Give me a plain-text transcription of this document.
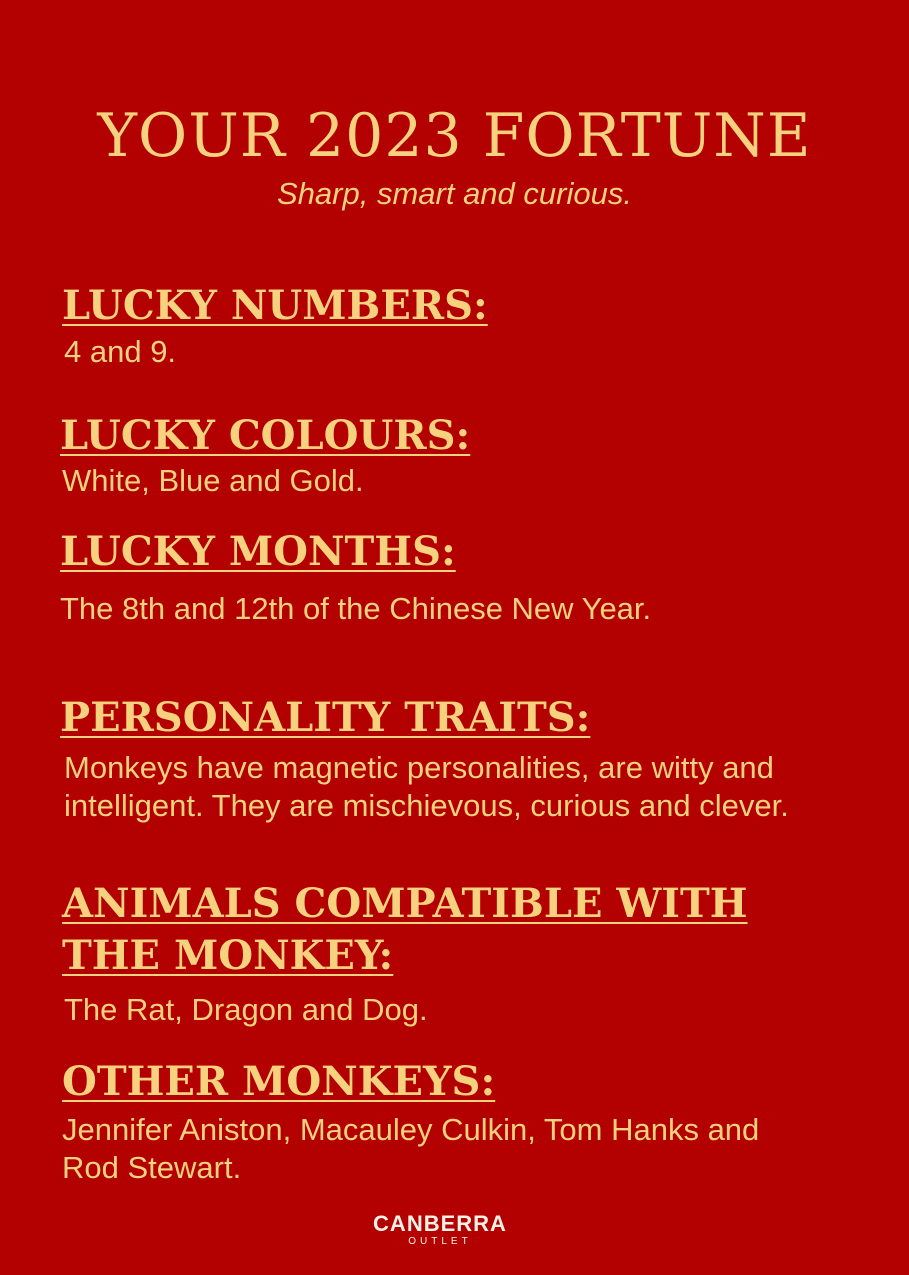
YOUR 2023 FORTUNE

Sharp, smart and curious.

LUCKY NUMBERS:

4 and 9.

LUCKY COLOURS:

White, Blue and Gold.

LUCKY MONTHS:

The 8th and 12th of the Chinese New Year.

PERSONALITY TRAITS:

Monkeys have magnetic personalities, are witty and intelligent. They are mischievous, curious and clever.

ANIMALS COMPATIBLE WITH
THE MONKEY:

The Rat, Dragon and Dog.

OTHER MONKEYS:

Jennifer Aniston, Macauley Culkin, Tom Hanks and Rod Stewart.

CANBERRA
OUTLET
